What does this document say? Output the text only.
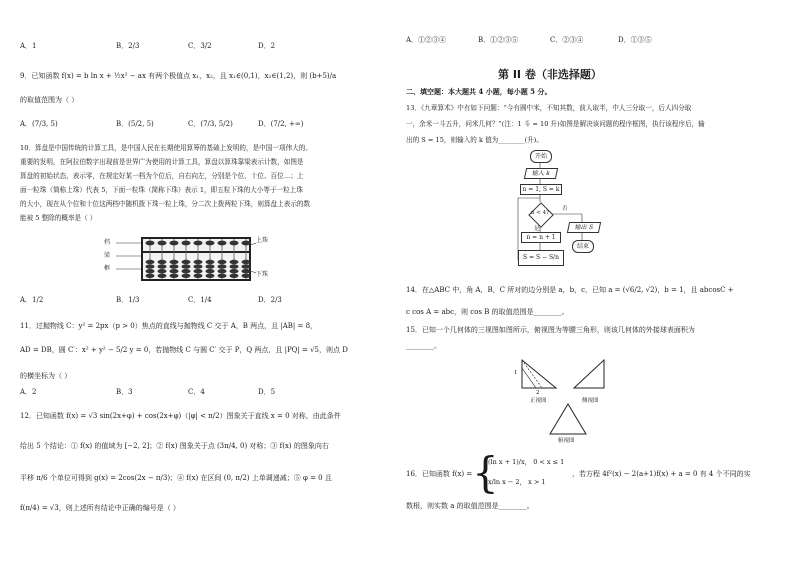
A．1	B．2/3	C．3/2	D．2
9．已知函数 f(x) = b ln x + ½x² − ax 有两个极值点 x₁，x₂，且 x₁∈(0,1)，x₂∈(1,2)，则 (b+5)/a
的取值范围为（ ）
A．(7/3, 5)	B．(5/2, 5)	C．(7/3, 5/2)	D．(7/2, +∞)
10．算盘是中国传统的计算工具，是中国人民在长期使用算筹的基础上发明的，是中国一项伟大的、
重要的发明，在阿拉伯数字出现前是世界广为使用的计算工具，算盘以算珠靠梁表示计数，如图是
算盘的初始状态，表示零，在规定好某一档为个位后，自右向左，分别是个位、十位、百位…；上
面一粒珠（简称上珠）代表 5，下面一粒珠（简称下珠）表示 1，即五粒下珠的大小等于一粒上珠
的大小，现在从个位和十位这两档中随机拨下珠一粒上珠，分二次上拨两粒下珠，则算盘上表示的数
能被 5 整除的概率是（ ）
档
梁
框
上珠
下珠
A．1/2	B．1/3	C．1/4	D．2/3
11．过抛物线 C：y² = 2px（p > 0）焦点的直线与抛物线 C 交于 A，B 两点，且 |AB| = 8，
AD = DB，圆 C′：x² + y² − 5/2 y = 0，若抛物线 C 与圆 C′ 交于 P，Q 两点，且 |PQ| = √5，则点 D
的横坐标为（ ）
A．2	B．3	C．4	D．5
12．已知函数 f(x) = √3 sin(2x+φ) + cos(2x+φ)（|φ| < π/2）图象关于直线 x = 0 对称，由此条件
给出 5 个结论：① f(x) 的值域为 [−2, 2]；② f(x) 图象关于点 (3π/4, 0) 对称；③ f(x) 的图象向右
平移 π/6 个单位可得到 g(x) = 2cos(2x − π/3)；④ f(x) 在区间 (0, π/2) 上单调递减；⑤ φ = 0 且
f(π/4) = √3，则上述所有结论中正确的编号是（ ）
A．①②③④	B．①②③⑤	C．②③④	D．①③⑤
第 II 卷（非选择题）
二、填空题：本大题共 4 小题，每小题 5 分。
13．《九章算术》中有如下问题：“今有圆中米，不知其数，前人取半，中人三分取一，后人四分取
一，余米一斗五升，问米几何？”(注：1 斗 = 10 升)如图是解决该问题的程序框图，执行该程序后，输
出的 S = 15，则输入的 k 值为________(升)。
开始
输入 k
n = 1, S = k
n < 4?
否
是
n = n + 1
S = S − S/n
输出 S
结束
14．在△ABC 中，角 A，B，C 所对的边分别是 a，b，c，已知 a = (√6/2, √2)，b = 1，且 abcosC +
c cos A = abc，则 cos B 的取值范围是________。
15．已知一个几何体的三视图如图所示，俯视图为等腰三角形，则该几何体的外接球表面积为
________。
1
2
正视图	侧视图
俯视图
16．已知函数 f(x) = {
(ln x + 1)/x， 0 < x ≤ 1
x/ln x − 2， x > 1
，若方程 4f²(x) − 2(a+1)f(x) + a = 0 有 4 个不同的实
数根，则实数 a 的取值范围是________。
